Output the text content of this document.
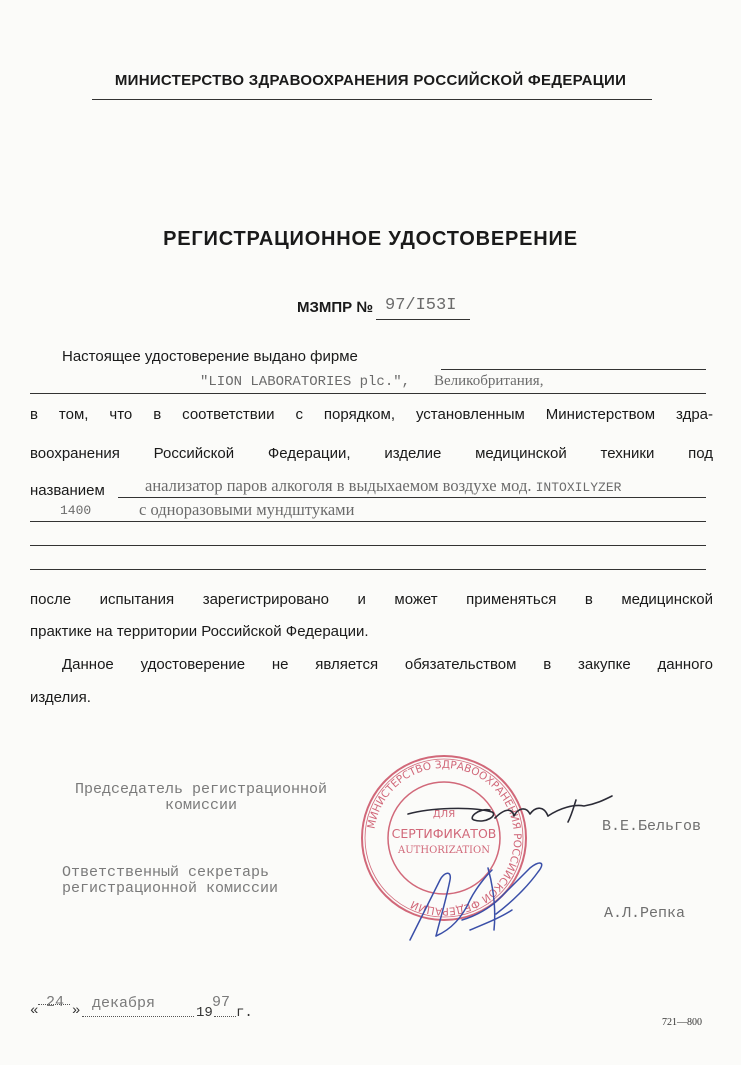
МИНИСТЕРСТВО ЗДРАВООХРАНЕНИЯ РОССИЙСКОЙ ФЕДЕРАЦИИ
РЕГИСТРАЦИОННОЕ УДОСТОВЕРЕНИЕ
МЗМПР № 97/I53I
Настоящее удостоверение выдано фирме
"LION LABORATORIES plc.", Великобритания,
в том, что в соответствии с порядком, установленным Министерством здра-
воохранения Российской Федерации, изделие медицинской техники под
названием анализатор паров алкоголя в выдыхаемом воздухе мод. INTOXILYZER
1400	с одноразовыми мундштуками
после испытания зарегистрировано и может применяться в медицинской
практике на территории Российской Федерации.
Данное удостоверение не является обязательством в закупке данного
изделия.
Председатель регистрационной
комиссии
Ответственный секретарь
регистрационной комиссии
В.Е.Бельгов
А.Л.Репка
МИНИСТЕРСТВО ЗДРАВООХРАНЕНИЯ РОССИЙСКОЙ ФЕДЕРАЦИИ
ДЛЯ
СЕРТИФИКАТОВ
AUTHORIZATION
« 24 » декабря
19
97
г.
721—800
